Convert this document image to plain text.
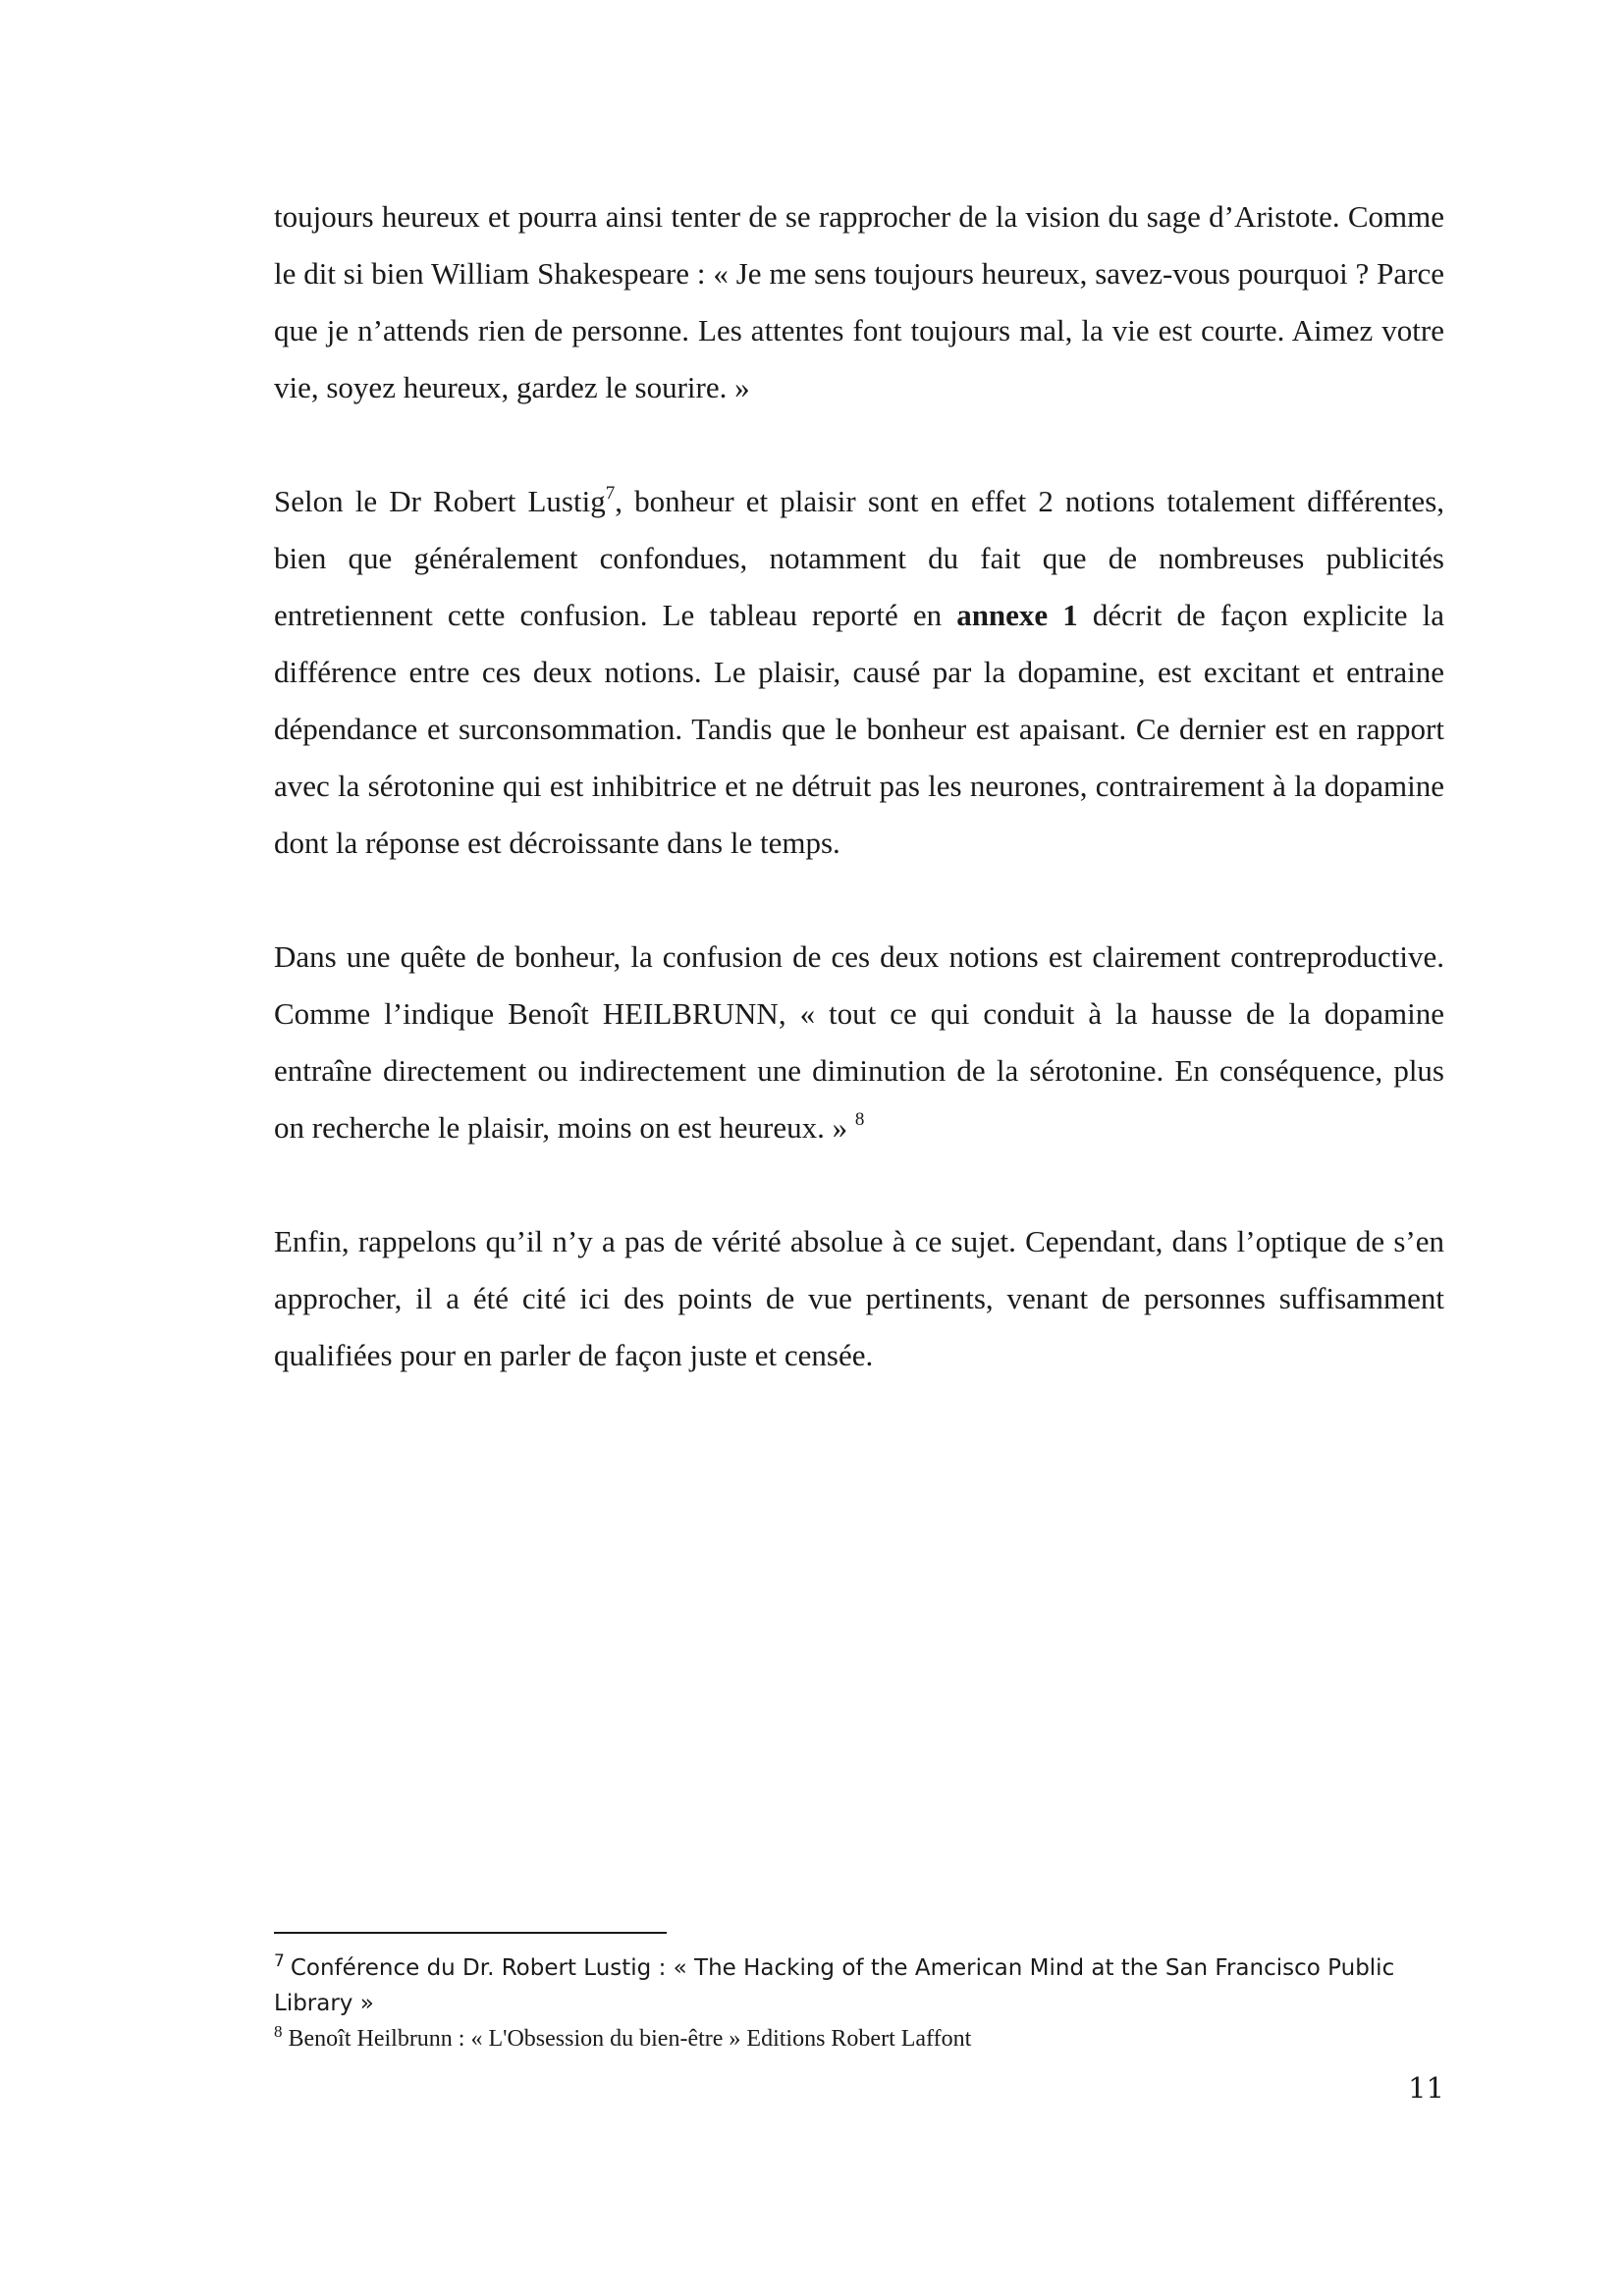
toujours heureux et pourra ainsi tenter de se rapprocher de la vision du sage d’Aristote. Comme le dit si bien William Shakespeare : « Je me sens toujours heureux, savez-vous pourquoi ? Parce que je n’attends rien de personne. Les attentes font toujours mal, la vie est courte. Aimez votre vie, soyez heureux, gardez le sourire. »

Selon le Dr Robert Lustig$^7$, bonheur et plaisir sont en effet 2 notions totalement différentes, bien que généralement confondues, notamment du fait que de nombreuses publicités entretiennent cette confusion. Le tableau reporté en annexe 1 décrit de façon explicite la différence entre ces deux notions. Le plaisir, causé par la dopamine, est excitant et entraine dépendance et surconsommation. Tandis que le bonheur est apaisant. Ce dernier est en rapport avec la sérotonine qui est inhibitrice et ne détruit pas les neurones, contrairement à la dopamine dont la réponse est décroissante dans le temps.

Dans une quête de bonheur, la confusion de ces deux notions est clairement contreproductive. Comme l’indique Benoît HEILBRUNN, « tout ce qui conduit à la hausse de la dopamine entraîne directement ou indirectement une diminution de la sérotonine. En conséquence, plus on recherche le plaisir, moins on est heureux. » $^8$

Enfin, rappelons qu’il n’y a pas de vérité absolue à ce sujet. Cependant, dans l’optique de s’en approcher, il a été cité ici des points de vue pertinents, venant de personnes suffisamment qualifiées pour en parler de façon juste et censée.

$^7$ Conférence du Dr. Robert Lustig : « The Hacking of the American Mind at the San Francisco Public Library »

$^8$ Benoît Heilbrunn : « L'Obsession du bien-être » Editions Robert Laffont

11
